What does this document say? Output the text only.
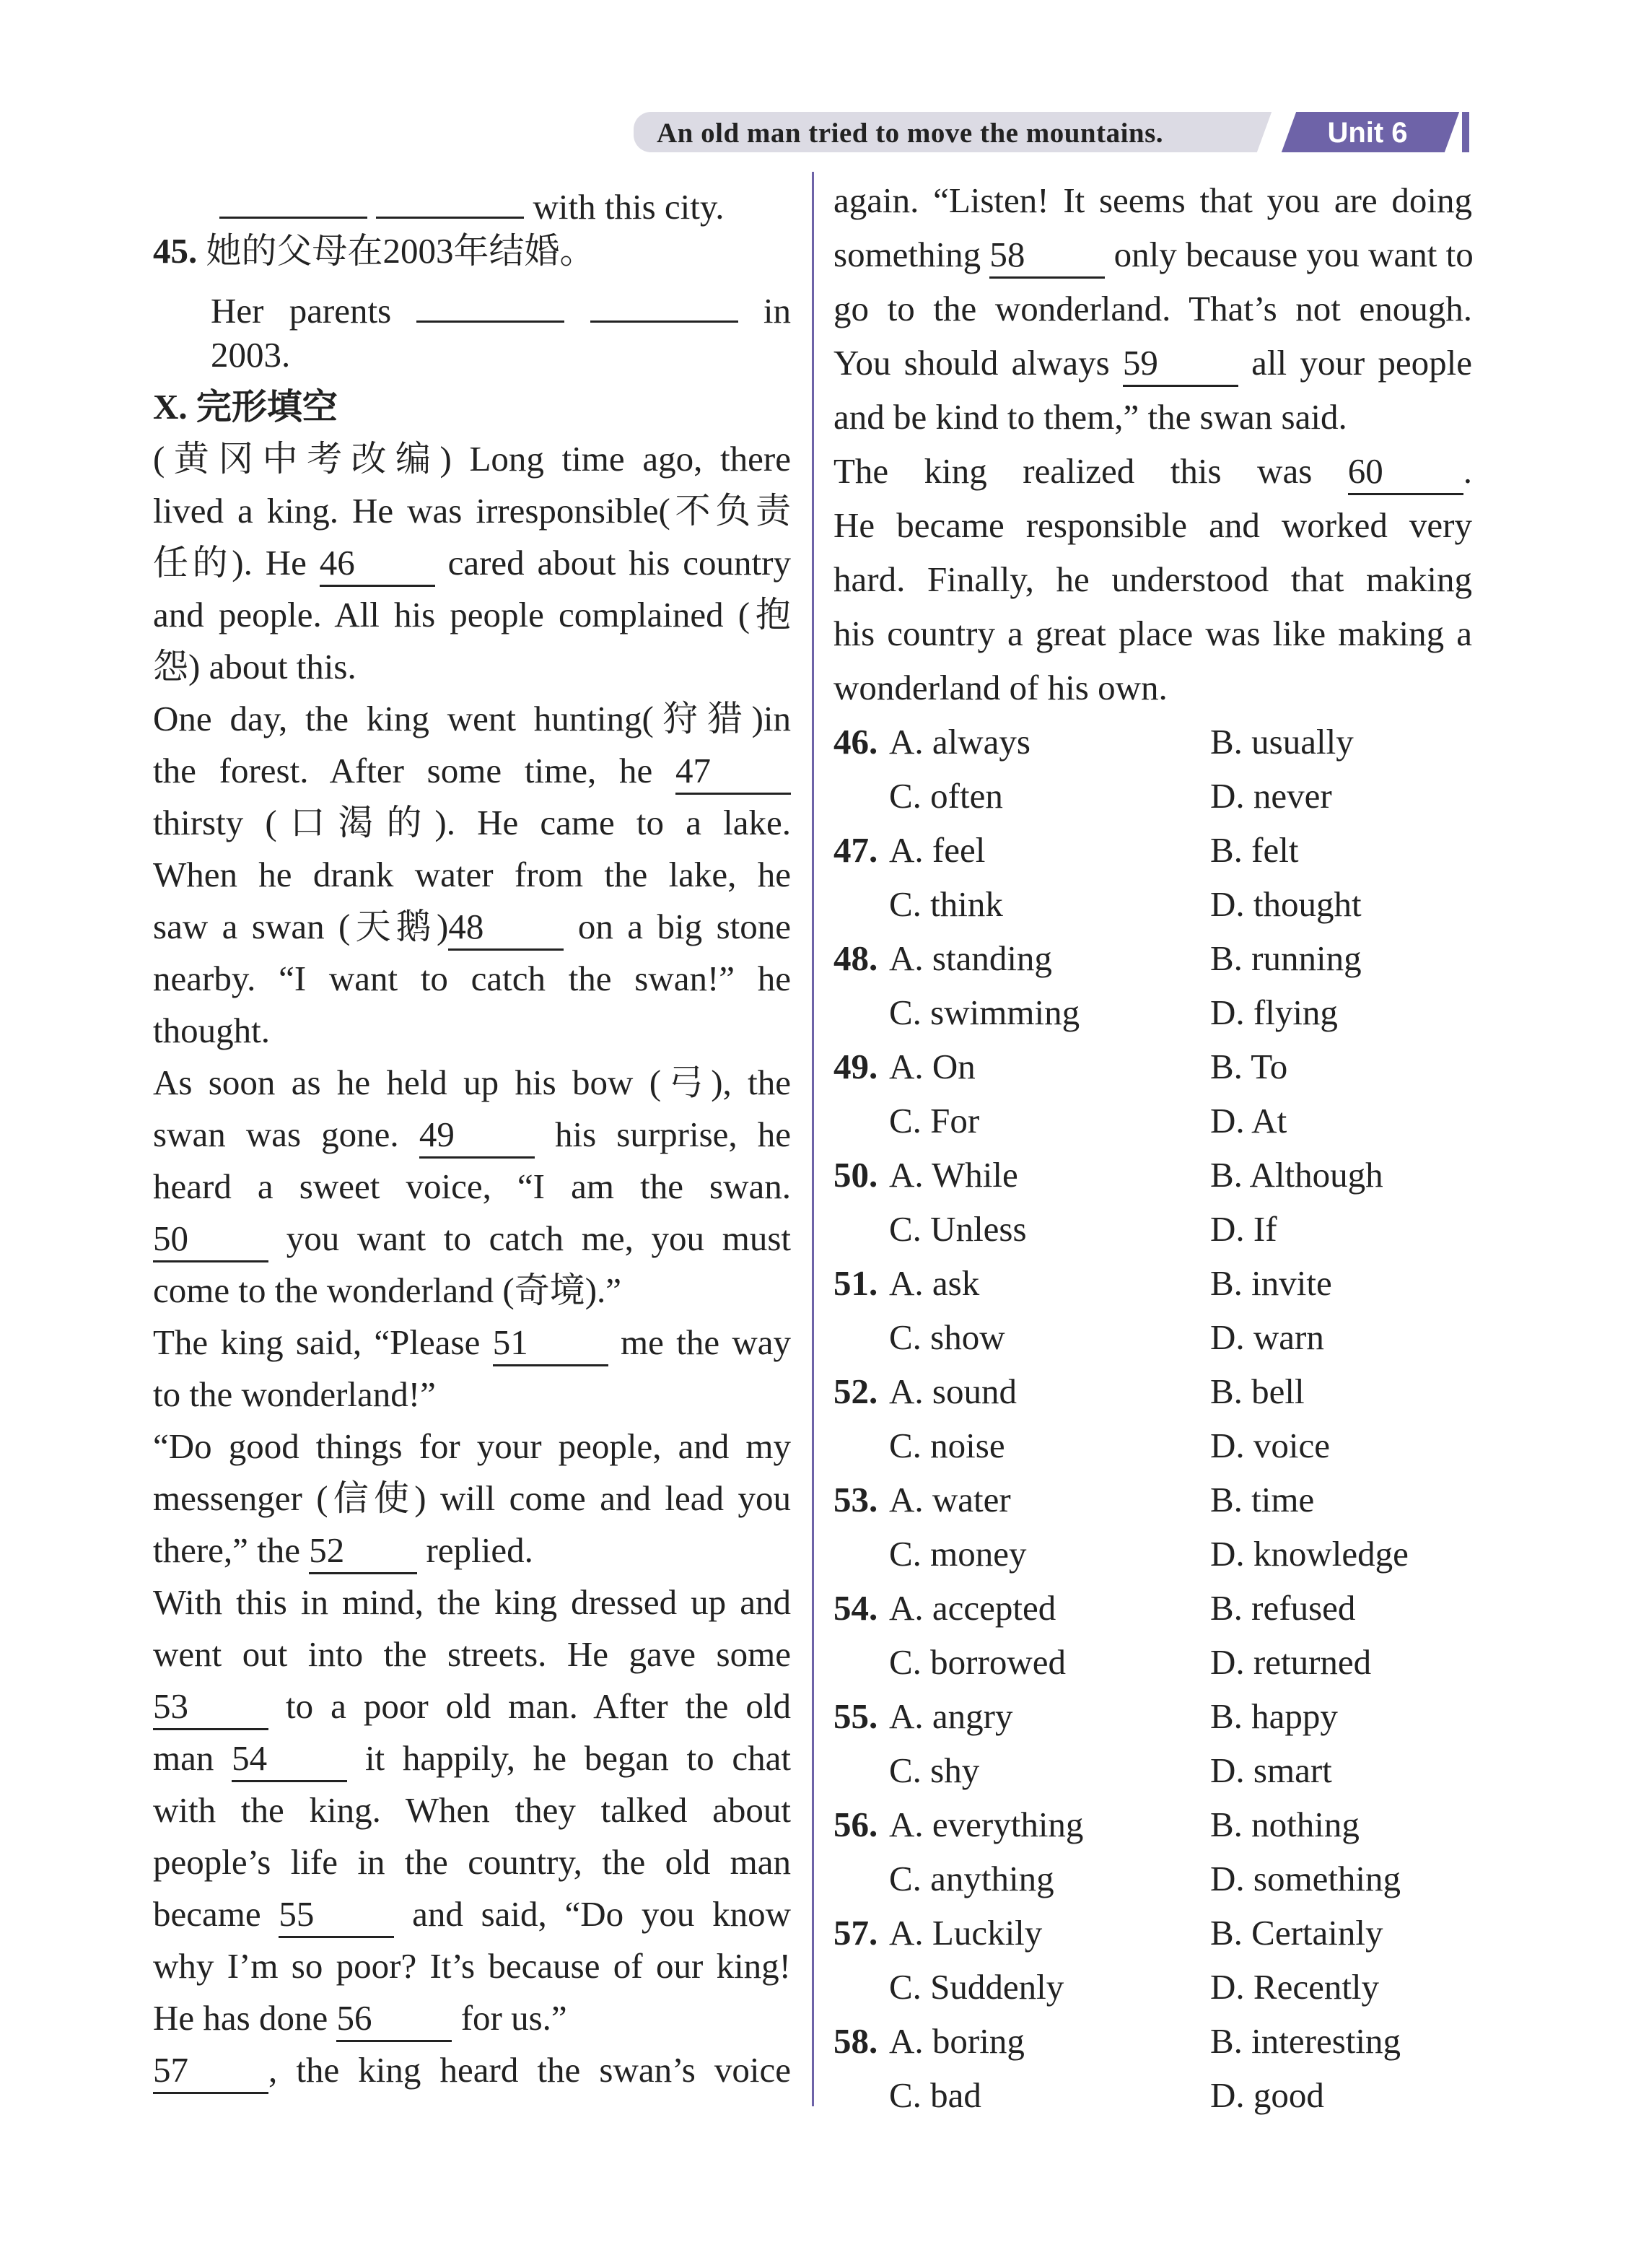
An old man tried to move the mountains.	Unit 6
with this city.
45. 她的父母在2003年结婚。
Her parents	in
2003.
X. 完形填空
(黄冈中考改编) Long time ago, there
lived a king. He was irresponsible(不负责
任的). He 46	cared about his country
and people. All his people complained (抱
怨) about this.
One day, the king went hunting(狩猎)in
the forest. After some time, he 47
thirsty (口渴的). He came to a lake.
When he drank water from the lake, he
saw a swan (天鹅)48	on a big stone
nearby. “I want to catch the swan!” he
thought.
As soon as he held up his bow (弓), the
swan was gone. 49	his surprise, he
heard a sweet voice, “I am the swan.
50	you want to catch me, you must
come to the wonderland (奇境).”
The king said, “Please 51	me the way
to the wonderland!”
“Do good things for your people, and my
messenger (信使) will come and lead you
there,” the 52 replied.
With this in mind, the king dressed up and
went out into the streets. He gave some
53	to a poor old man. After the old
man 54	it happily, he began to chat
with the king. When they talked about
people’s life in the country, the old man
became 55	and said, “Do you know
why I’m so poor? It’s because of our king!
He has done 56	for us.”
57 , the king heard the swan’s voice
again. “Listen! It seems that you are doing
something 58	only because you want to
go to the wonderland. That’s not enough.
You should always 59	all your people
and be kind to them,” the swan said.
The king realized this was 60 .
He became responsible and worked very
hard. Finally, he understood that making
his country a great place was like making a
wonderland of his own.
46. A. always	B. usually
C. often	D. never
47. A. feel	B. felt
C. think	D. thought
48. A. standing	B. running
C. swimming	D. flying
49. A. On	B. To
C. For	D. At
50. A. While	B. Although
C. Unless	D. If
51. A. ask	B. invite
C. show	D. warn
52. A. sound	B. bell
C. noise	D. voice
53. A. water	B. time
C. money	D. knowledge
54. A. accepted	B. refused
C. borrowed	D. returned
55. A. angry	B. happy
C. shy	D. smart
56. A. everything	B. nothing
C. anything	D. something
57. A. Luckily	B. Certainly
C. Suddenly	D. Recently
58. A. boring	B. interesting
C. bad	D. good
